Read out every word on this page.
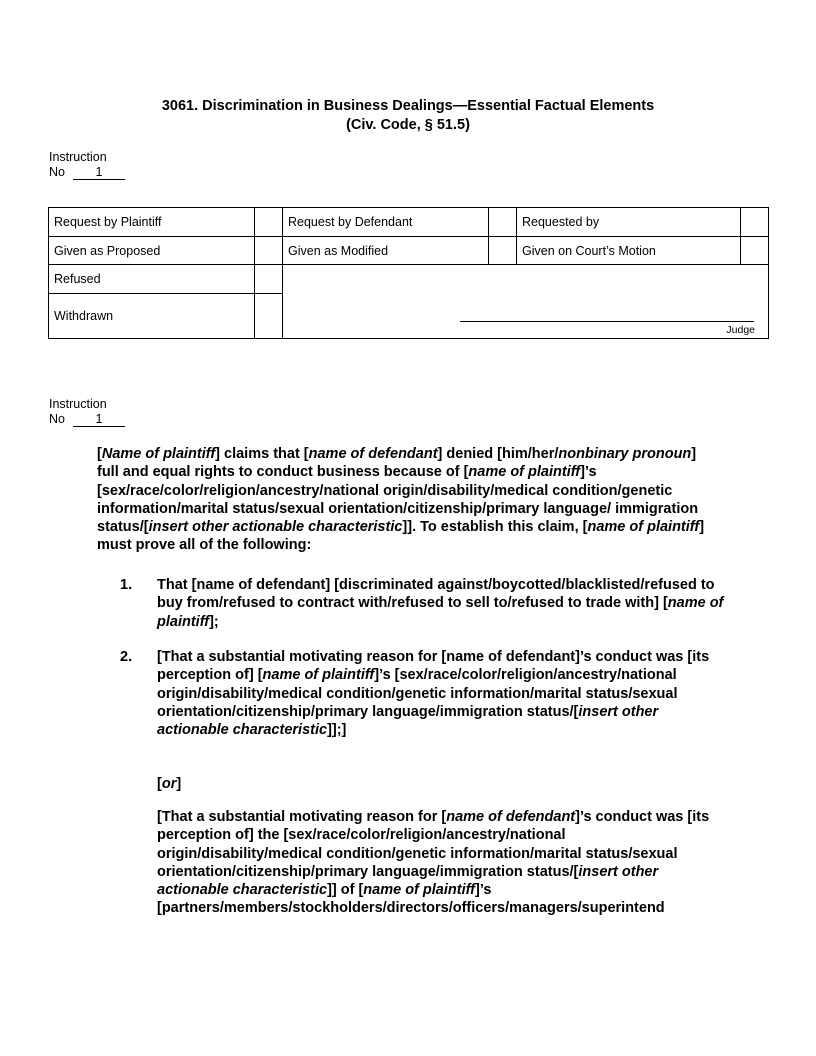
3061. Discrimination in Business Dealings—Essential Factual Elements
(Civ. Code, § 51.5)
Instruction
No 1
Request by Plaintiff		Request by Defendant		Requested by	
Given as Proposed		Given as Modified		Given on Court’s Motion	
Refused		Judge			

Withdrawn					
Instruction
No 1
[Name of plaintiff] claims that [name of defendant] denied [him/her/nonbinary pronoun] full and equal rights to conduct business because of [name of plaintiff]’s [sex/race/color/religion/ancestry/national origin/disability/medical condition/genetic information/marital status/sexual orientation/citizenship/primary language/ immigration status/[insert other actionable characteristic]]. To establish this claim, [name of plaintiff] must prove all of the following:
1. That [name of defendant] [discriminated against/boycotted/blacklisted/refused to buy from/refused to contract with/refused to sell to/refused to trade with] [name of plaintiff];
2. [That a substantial motivating reason for [name of defendant]’s conduct was [its perception of] [name of plaintiff]’s [sex/race/color/religion/ancestry/national origin/disability/medical condition/genetic information/marital status/sexual orientation/citizenship/primary language/immigration status/[insert other actionable characteristic]];]
[or]
[That a substantial motivating reason for [name of defendant]’s conduct was [its perception of] the [sex/race/color/religion/ancestry/national origin/disability/medical condition/genetic information/marital status/sexual orientation/citizenship/primary language/immigration status/[insert other actionable characteristic]] of [name of plaintiff]’s [partners/members/stockholders/directors/officers/managers/superintend
